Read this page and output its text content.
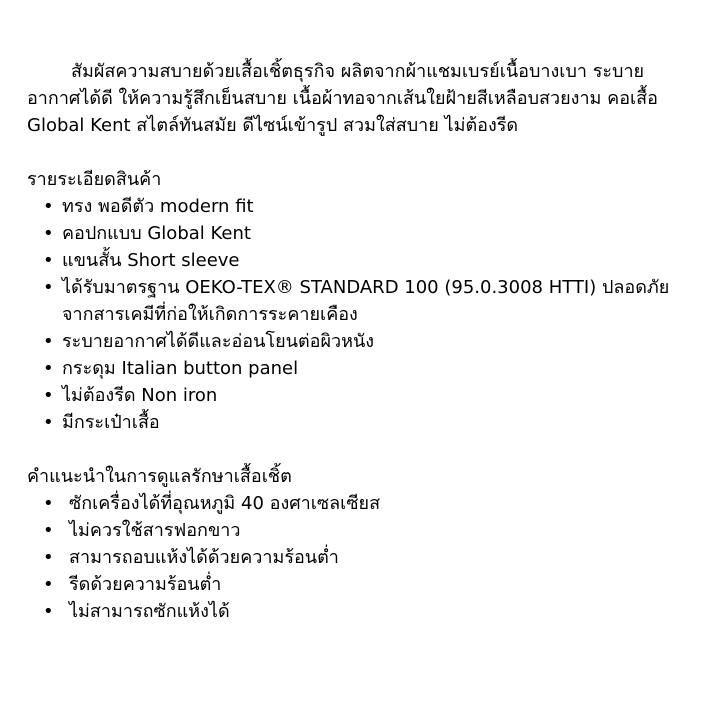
สัมผัสความสบายด้วยเสื้อเชิ้ตธุรกิจ ผลิตจากผ้าแชมเบรย์เนื้อบางเบา ระบายอากาศได้ดี ให้ความรู้สึกเย็นสบาย เนื้อผ้าทอจากเส้นใยฝ้ายสีเหลือบสวยงาม คอเสื้อ Global Kent สไตล์ทันสมัย ดีไซน์เข้ารูป สวมใส่สบาย ไม่ต้องรีด

รายระเอียดสินค้า
• ทรง พอดีตัว modern fit
• คอปกแบบ Global Kent
• แขนสั้น Short sleeve
• ได้รับมาตรฐาน OEKO-TEX® STANDARD 100 (95.0.3008 HTTI) ปลอดภัยจากสารเคมีที่ก่อให้เกิดการระคายเคือง
• ระบายอากาศได้ดีและอ่อนโยนต่อผิวหนัง
• กระดุม Italian button panel
• ไม่ต้องรีด Non iron
• มีกระเป๋าเสื้อ
คำแนะนำในการดูแลรักษาเสื้อเชิ้ต
• ซักเครื่องได้ที่อุณหภูมิ 40 องศาเซลเซียส
• ไม่ควรใช้สารฟอกขาว
• สามารถอบแห้งได้ด้วยความร้อนต่ำ
• รีดด้วยความร้อนต่ำ
• ไม่สามารถซักแห้งได้
